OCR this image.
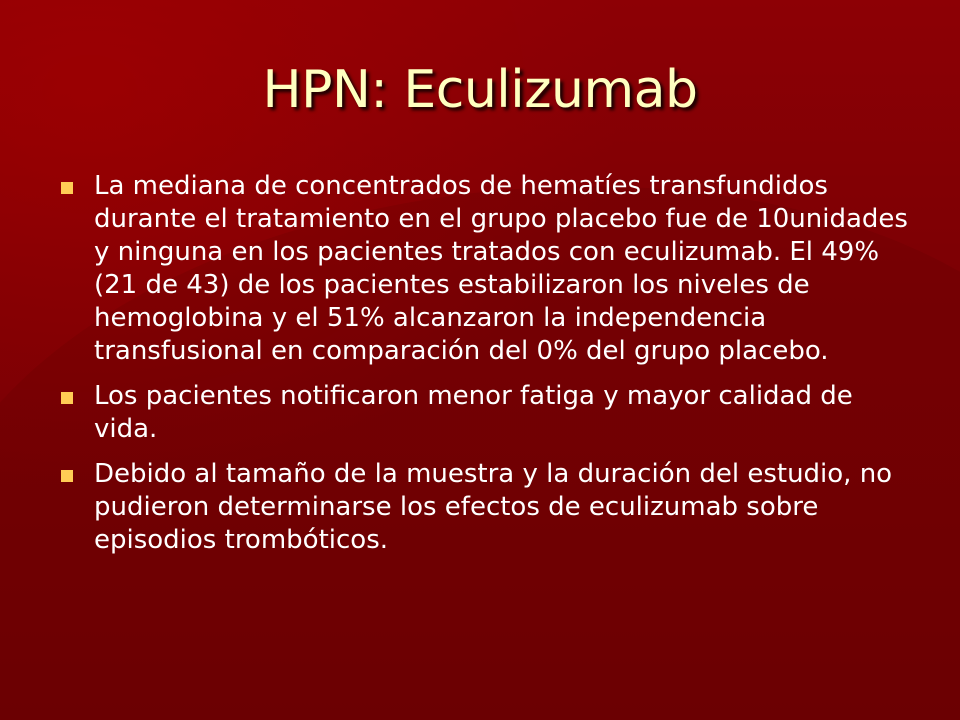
HPN: Eculizumab
La mediana de concentrados de hematíes transfundidos durante el tratamiento en el grupo placebo fue de 10unidades y ninguna en los pacientes tratados con eculizumab. El 49% (21 de 43) de los pacientes estabilizaron los niveles de hemoglobina y el 51% alcanzaron la independencia transfusional en comparación del 0% del grupo placebo.
Los pacientes notificaron menor fatiga y mayor calidad de vida.
Debido al tamaño de la muestra y la duración del estudio, no pudieron determinarse los efectos de eculizumab sobre episodios trombóticos.
